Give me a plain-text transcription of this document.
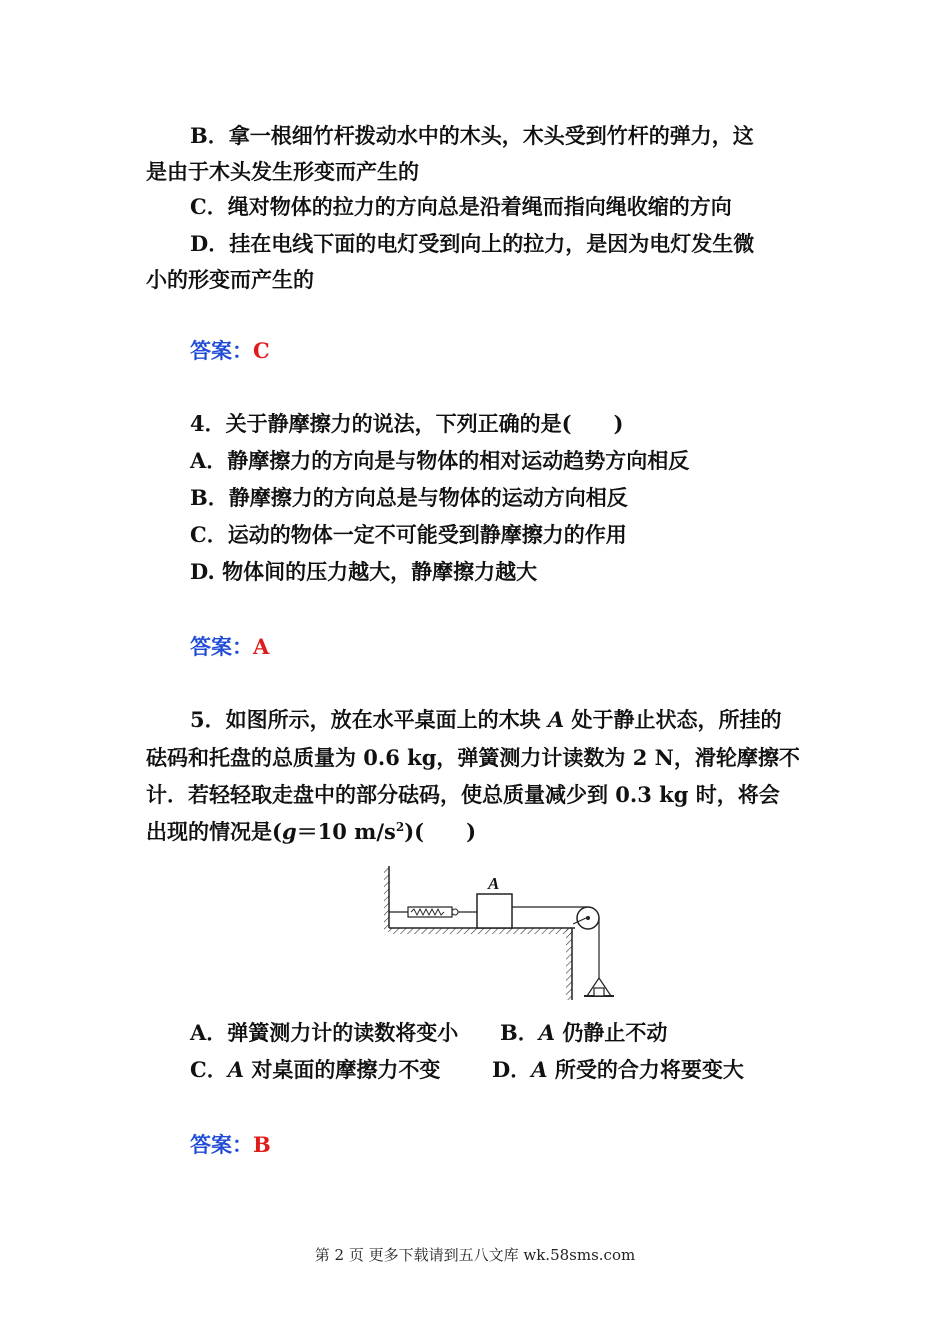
B．拿一根细竹杆拨动水中的木头，木头受到竹杆的弹力，这
是由于木头发生形变而产生的
C．绳对物体的拉力的方向总是沿着绳而指向绳收缩的方向
D．挂在电线下面的电灯受到向上的拉力，是因为电灯发生微
小的形变而产生的
答案：C
4．关于静摩擦力的说法，下列正确的是(　　)
A．静摩擦力的方向是与物体的相对运动趋势方向相反
B．静摩擦力的方向总是与物体的运动方向相反
C．运动的物体一定不可能受到静摩擦力的作用
D. 物体间的压力越大，静摩擦力越大
答案：A
5．如图所示，放在水平桌面上的木块 A 处于静止状态，所挂的
砝码和托盘的总质量为 0.6 kg，弹簧测力计读数为 2 N，滑轮摩擦不
计．若轻轻取走盘中的部分砝码，使总质量减少到 0.3 kg 时，将会
出现的情况是(g＝10 $m/s^2$)(　　)
A
A．弹簧测力计的读数将变小 B．A 仍静止不动
C．A 对桌面的摩擦力不变 D．A 所受的合力将要变大
答案：B
第 2 页 更多下载请到五八文库 wk.58sms.com
